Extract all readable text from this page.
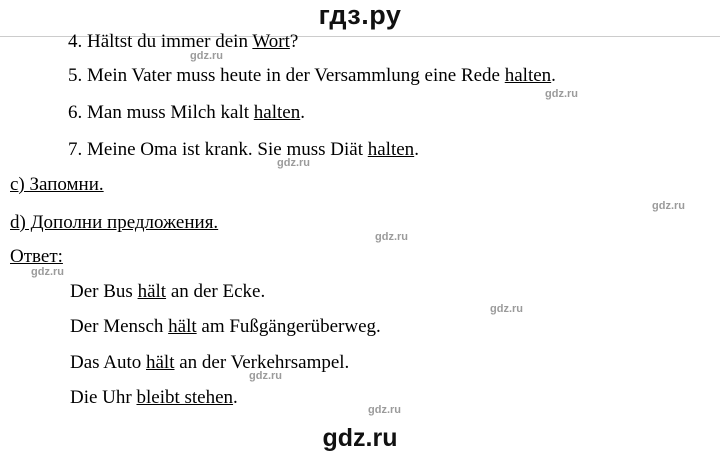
гдз.ру
4. Hältst du immer dein Wort?
5. Mein Vater muss heute in der Versammlung eine Rede halten.
6. Man muss Milch kalt halten.
7. Meine Oma ist krank. Sie muss Diät halten.
c) Запомни.
d) Дополни предложения.
Ответ:
Der Bus hält an der Ecke.
Der Mensch hält am Fußgängerüberweg.
Das Auto hält an der Verkehrsampel.
Die Uhr bleibt stehen.
gdz.ru
gdz.ru
gdz.ru
gdz.ru
gdz.ru
gdz.ru
gdz.ru
gdz.ru
gdz.ru
gdz.ru
